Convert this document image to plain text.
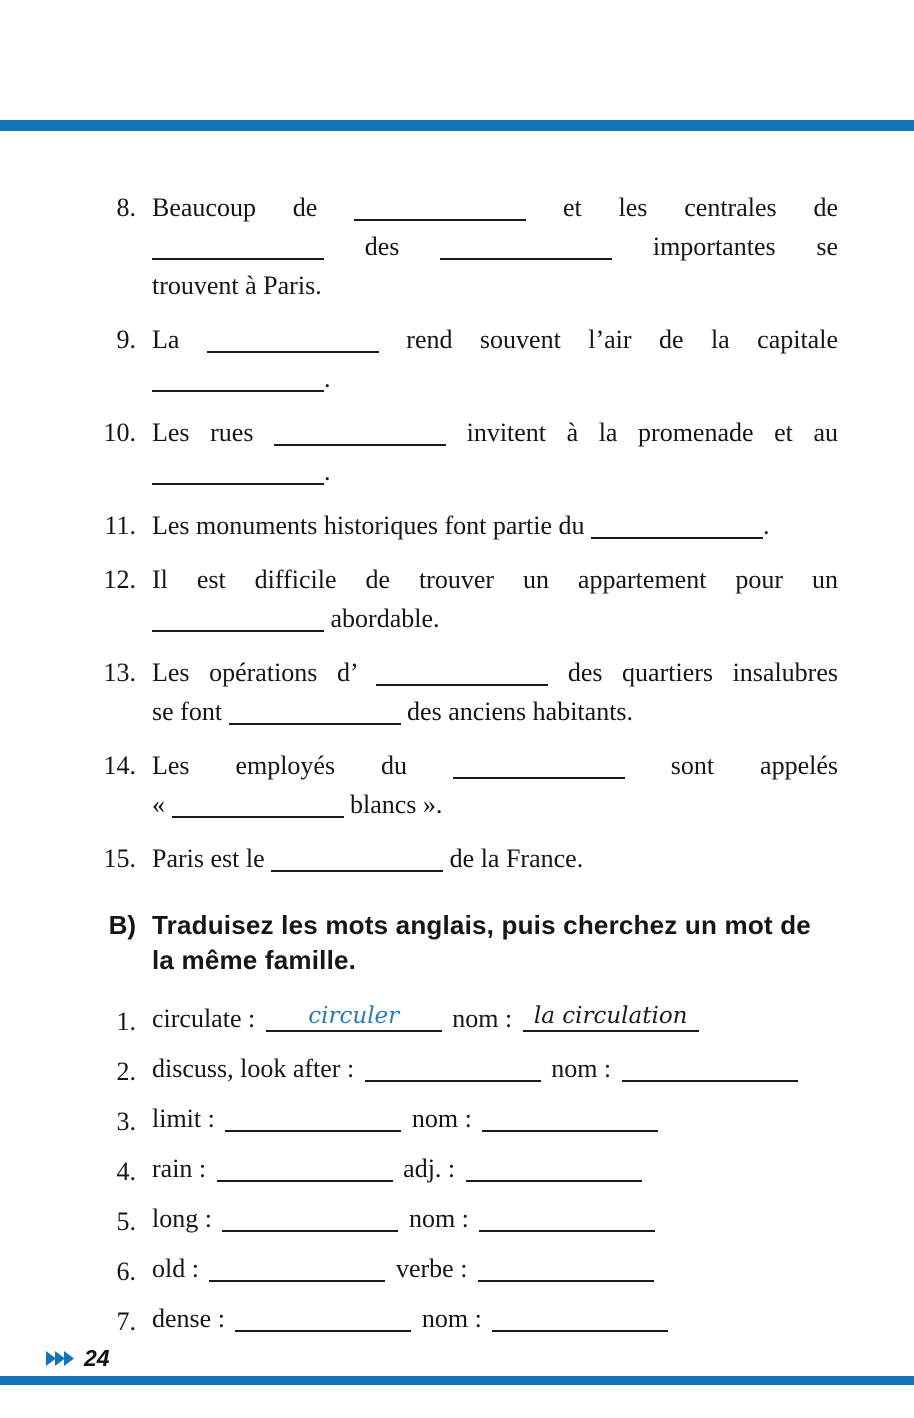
8. Beaucoup de	et les centrales de
des	importantes se
trouvent à Paris.
9. La	rend souvent l’air de la capitale
.
10. Les rues	invitent à la promenade et au
.
11. Les monuments historiques font partie du	.
12. Il est difficile de trouver un appartement pour un
abordable.
13. Les opérations d’	des quartiers insalubres
se font	des anciens habitants.
14. Les employés du	sont appelés
«	blancs ».
15. Paris est le	de la France.
B) Traduisez les mots anglais, puis cherchez un mot de la même famille.
1. circulate :	circuler	nom : la circulation
2. discuss, look after :	nom :
3. limit :	nom :
4. rain :	adj. :
5. long :	nom :
6. old :	verbe :
7. dense :	nom :
24
